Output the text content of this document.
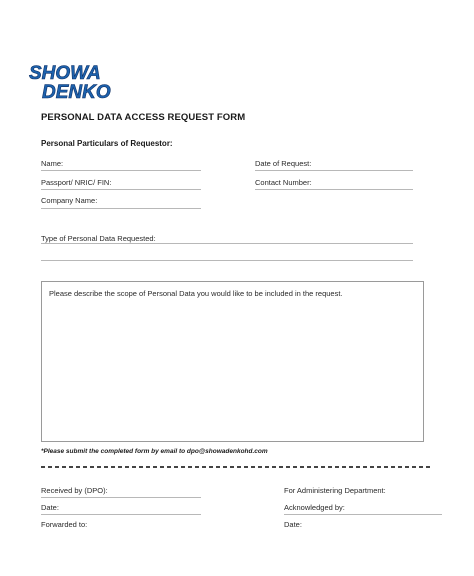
SHOWA
DENKO
PERSONAL DATA ACCESS REQUEST FORM
Personal Particulars of Requestor:
Name:	Date of Request:
Passport/ NRIC/ FIN:	Contact Number:
Company Name:
Type of Personal Data Requested:
Please describe the scope of Personal Data you would like to be included in the request.
*Please submit the completed form by email to dpo@showadenkohd.com
Received by (DPO):	For Administering Department:
Date:	Acknowledged by:
Forwarded to:	Date:
